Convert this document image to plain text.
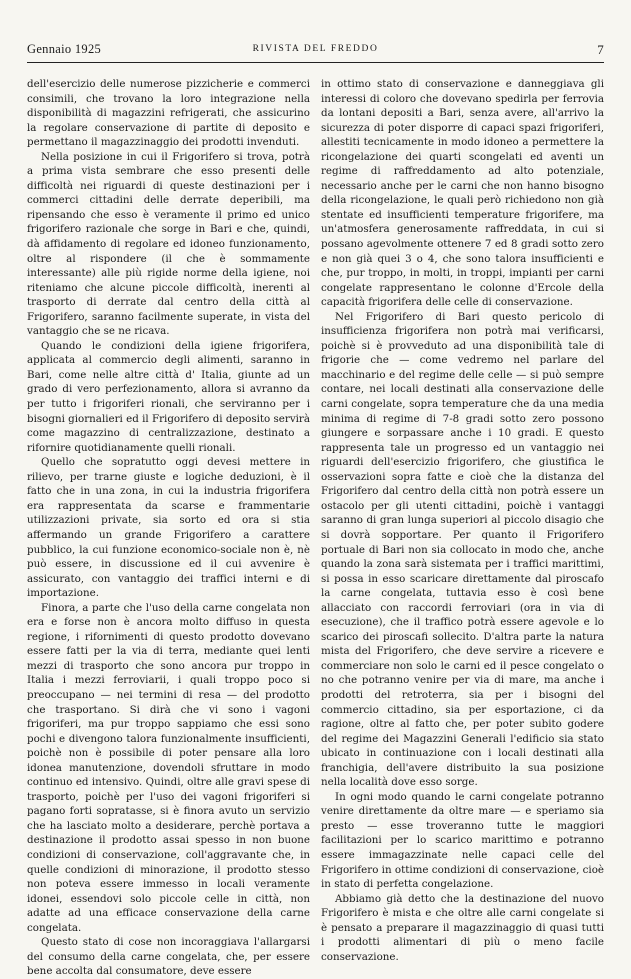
Gennaio 1925	RIVISTA DEL FREDDO	7

dell'esercizio delle numerose pizzicherie e commerci consimili, che trovano la loro integrazione nella disponibilità di magazzini refrigerati, che assicurino la regolare conservazione di partite di deposito e permettano il magazzinaggio dei prodotti invenduti.

Nella posizione in cui il Frigorifero si trova, potrà a prima vista sembrare che esso presenti delle difficoltà nei riguardi di queste destinazioni per i commerci cittadini delle derrate deperibili, ma ripensando che esso è veramente il primo ed unico frigorifero razionale che sorge in Bari e che, quindi, dà affidamento di regolare ed idoneo funzionamento, oltre al rispondere (il che è sommamente interessante) alle più rigide norme della igiene, noi riteniamo che alcune piccole difficoltà, inerenti al trasporto di derrate dal centro della città al Frigorifero, saranno facilmente superate, in vista del vantaggio che se ne ricava.

Quando le condizioni della igiene frigorifera, applicata al commercio degli alimenti, saranno in Bari, come nelle altre città d' Italia, giunte ad un grado di vero perfezionamento, allora si avranno da per tutto i frigoriferi rionali, che serviranno per i bisogni giornalieri ed il Frigorifero di deposito servirà come magazzino di centralizzazione, destinato a rifornire quotidianamente quelli rionali.

Quello che sopratutto oggi devesi mettere in rilievo, per trarne giuste e logiche deduzioni, è il fatto che in una zona, in cui la industria frigorifera era rappresentata da scarse e frammentarie utilizzazioni private, sia sorto ed ora si stia affermando un grande Frigorifero a carattere pubblico, la cui funzione economico-sociale non è, nè può essere, in discussione ed il cui avvenire è assicurato, con vantaggio dei traffici interni e di importazione.

Finora, a parte che l'uso della carne congelata non era e forse non è ancora molto diffuso in questa regione, i rifornimenti di questo prodotto dovevano essere fatti per la via di terra, mediante quei lenti mezzi di trasporto che sono ancora pur troppo in Italia i mezzi ferroviarii, i quali troppo poco si preoccupano — nei termini di resa — del prodotto che trasportano. Si dirà che vi sono i vagoni frigoriferi, ma pur troppo sappiamo che essi sono pochi e divengono talora funzionalmente insufficienti, poichè non è possibile di poter pensare alla loro idonea manutenzione, dovendoli sfruttare in modo continuo ed intensivo. Quindi, oltre alle gravi spese di trasporto, poichè per l'uso dei vagoni frigoriferi si pagano forti sopratasse, si è finora avuto un servizio che ha lasciato molto a desiderare, perchè portava a destinazione il prodotto assai spesso in non buone condizioni di conservazione, coll'aggravante che, in quelle condizioni di minorazione, il prodotto stesso non poteva essere immesso in locali veramente idonei, essendovi solo piccole celle in città, non adatte ad una efficace conservazione della carne congelata.

Questo stato di cose non incoraggiava l'allargarsi del consumo della carne congelata, che, per essere bene accolta dal consumatore, deve essere

in ottimo stato di conservazione e danneggiava gli interessi di coloro che dovevano spedirla per ferrovia da lontani depositi a Bari, senza avere, all'arrivo la sicurezza di poter disporre di capaci spazi frigoriferi, allestiti tecnicamente in modo idoneo a permettere la ricongelazione dei quarti scongelati ed aventi un regime di raffreddamento ad alto potenziale, necessario anche per le carni che non hanno bisogno della ricongelazione, le quali però richiedono non già stentate ed insufficienti temperature frigorifere, ma un'atmosfera generosamente raffreddata, in cui si possano agevolmente ottenere 7 ed 8 gradi sotto zero e non già quei 3 o 4, che sono talora insufficienti e che, pur troppo, in molti, in troppi, impianti per carni congelate rappresentano le colonne d'Ercole della capacità frigorifera delle celle di conservazione.

Nel Frigorifero di Bari questo pericolo di insufficienza frigorifera non potrà mai verificarsi, poichè si è provveduto ad una disponibilità tale di frigorie che — come vedremo nel parlare del macchinario e del regime delle celle — si può sempre contare, nei locali destinati alla conservazione delle carni congelate, sopra temperature che da una media minima di regime di 7-8 gradi sotto zero possono giungere e sorpassare anche i 10 gradi. E questo rappresenta tale un progresso ed un vantaggio nei riguardi dell'esercizio frigorifero, che giustifica le osservazioni sopra fatte e cioè che la distanza del Frigorifero dal centro della città non potrà essere un ostacolo per gli utenti cittadini, poichè i vantaggi saranno di gran lunga superiori al piccolo disagio che si dovrà sopportare. Per quanto il Frigorifero portuale di Bari non sia collocato in modo che, anche quando la zona sarà sistemata per i traffici marittimi, si possa in esso scaricare direttamente dal piroscafo la carne congelata, tuttavia esso è così bene allacciato con raccordi ferroviari (ora in via di esecuzione), che il traffico potrà essere agevole e lo scarico dei piroscafi sollecito. D'altra parte la natura mista del Frigorifero, che deve servire a ricevere e commerciare non solo le carni ed il pesce congelato o no che potranno venire per via di mare, ma anche i prodotti del retroterra, sia per i bisogni del commercio cittadino, sia per esportazione, ci da ragione, oltre al fatto che, per poter subito godere del regime dei Magazzini Generali l'edificio sia stato ubicato in continuazione con i locali destinati alla franchigia, dell'avere distribuito la sua posizione nella località dove esso sorge.

In ogni modo quando le carni congelate potranno venire direttamente da oltre mare — e speriamo sia presto — esse troveranno tutte le maggiori facilitazioni per lo scarico marittimo e potranno essere immagazzinate nelle capaci celle del Frigorifero in ottime condizioni di conservazione, cioè in stato di perfetta congelazione.

Abbiamo già detto che la destinazione del nuovo Frigorifero è mista e che oltre alle carni congelate si è pensato a preparare il magazzinaggio di quasi tutti i prodotti alimentari di più o meno facile conservazione.
